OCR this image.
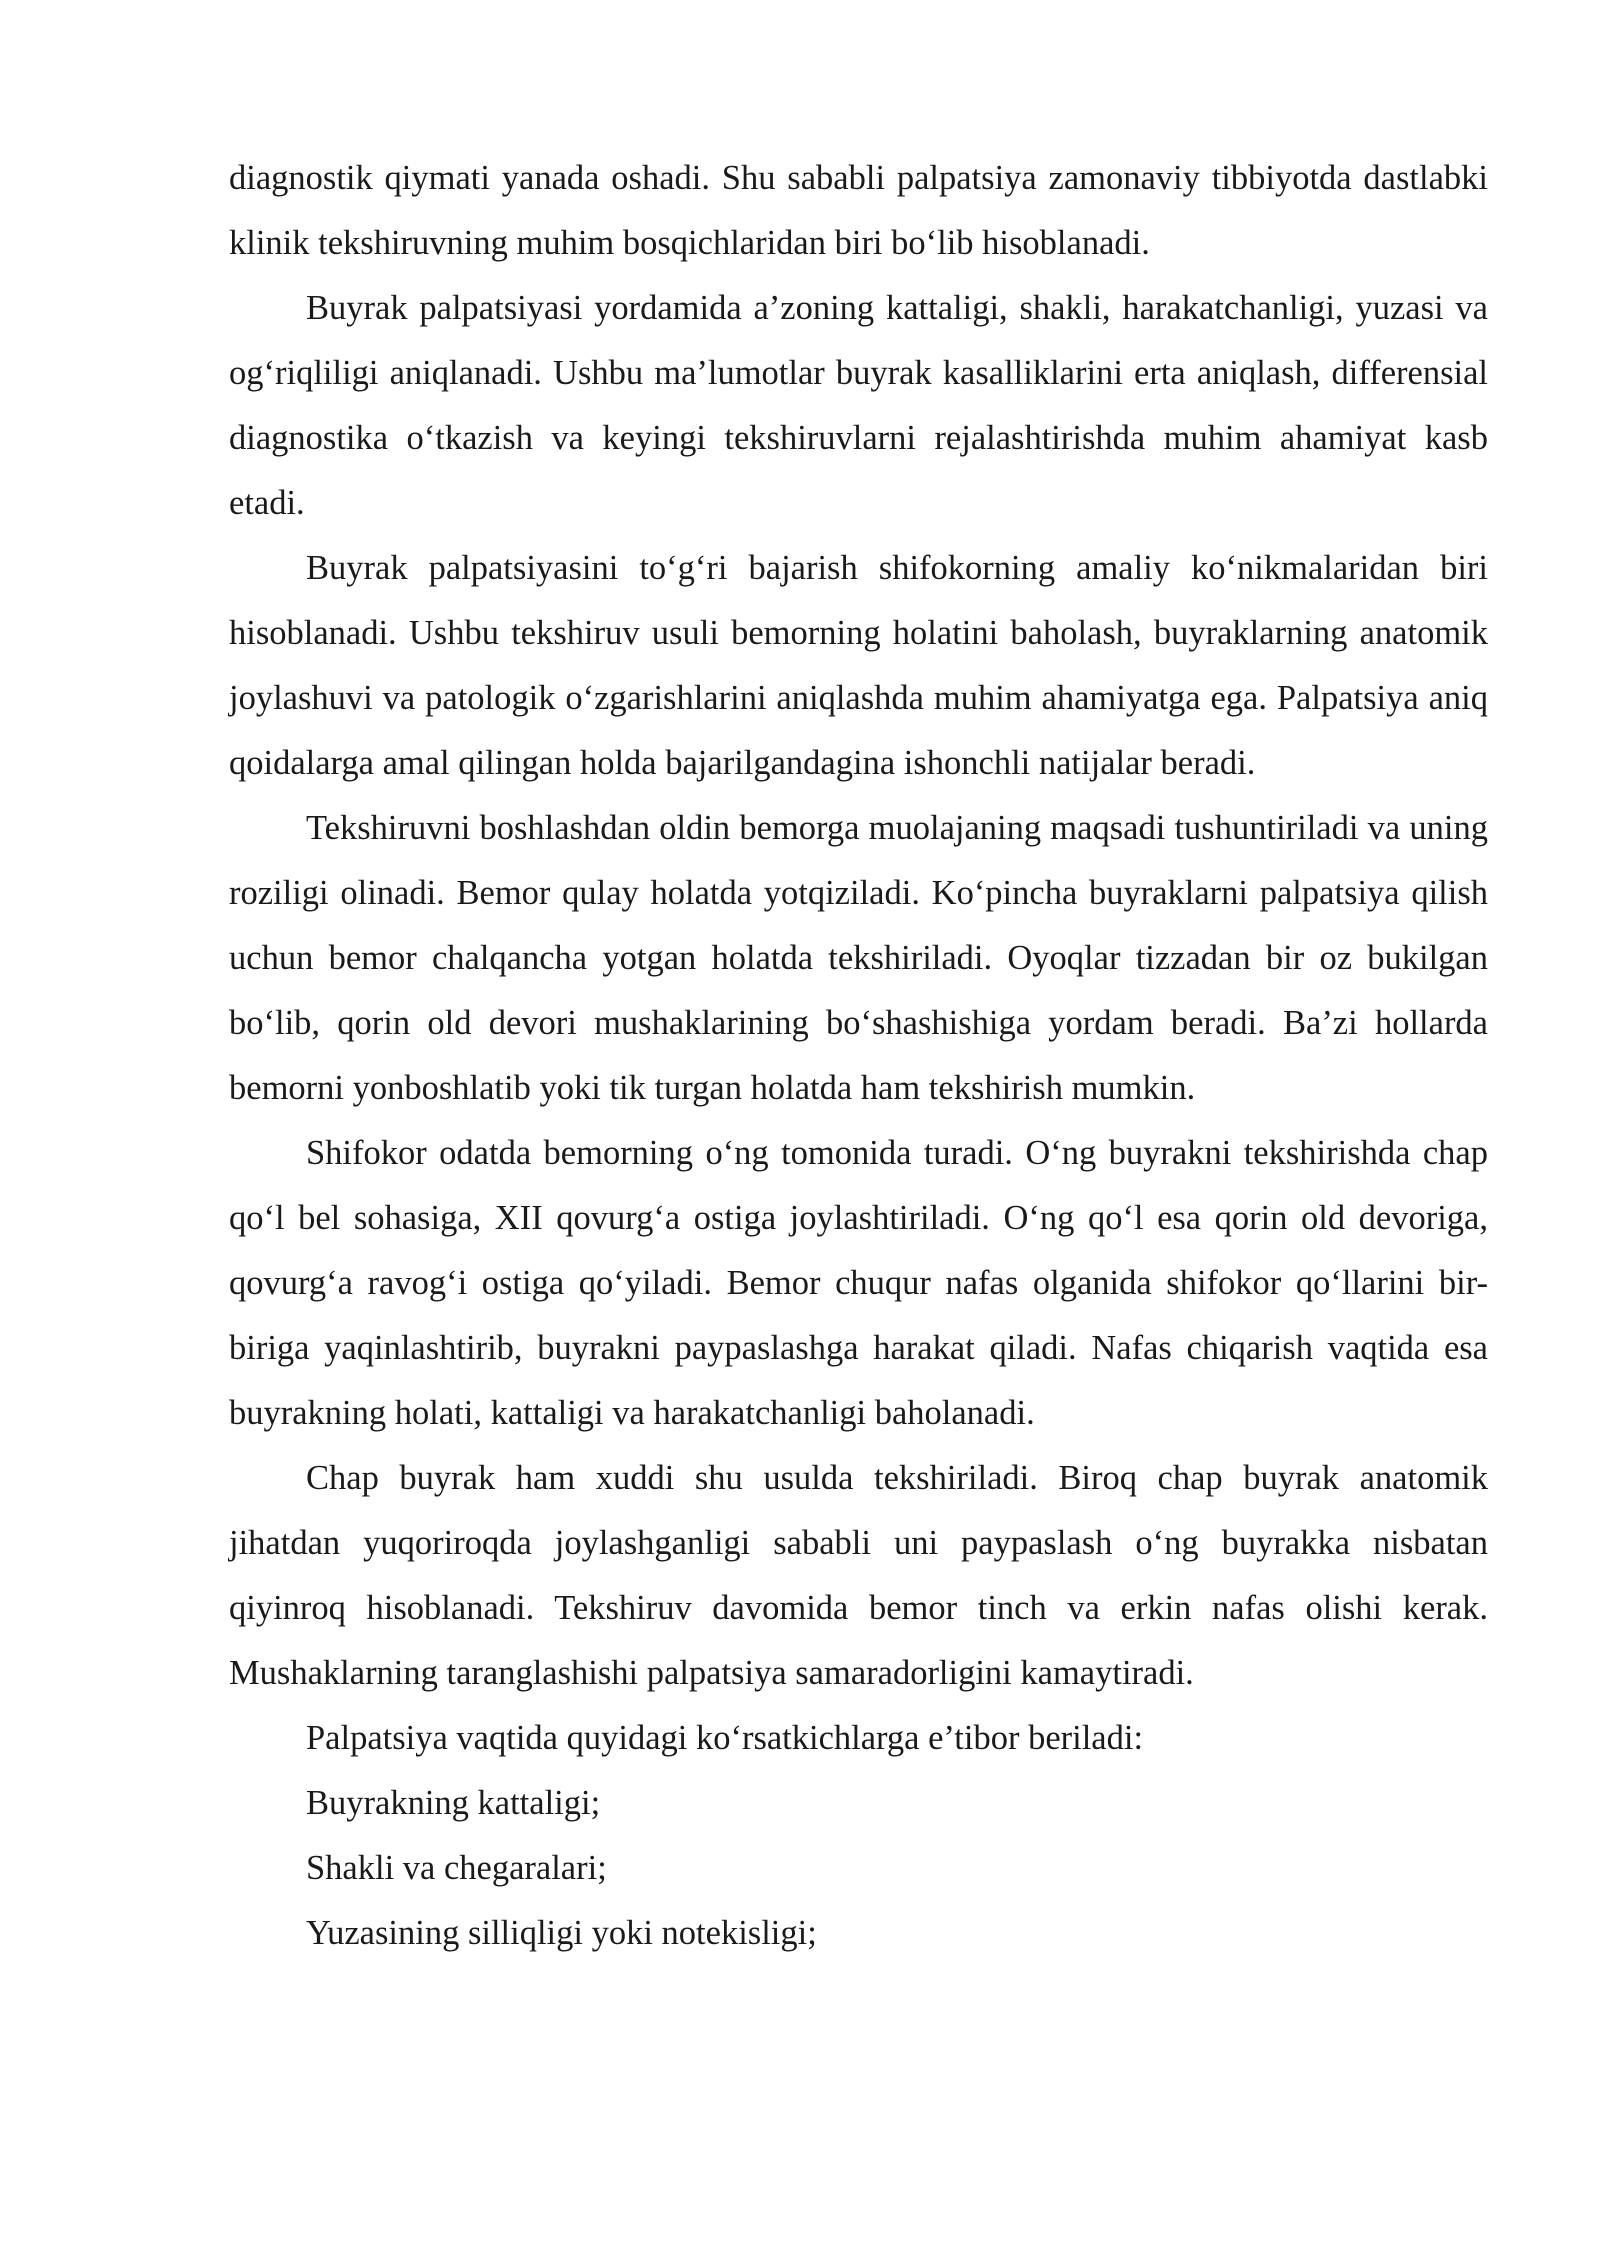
diagnostik qiymati yanada oshadi. Shu sababli palpatsiya zamonaviy tibbiyotda dastlabki klinik tekshiruvning muhim bosqichlaridan biri bo‘lib hisoblanadi.

Buyrak palpatsiyasi yordamida a’zoning kattaligi, shakli, harakatchanligi, yuzasi va og‘riqliligi aniqlanadi. Ushbu ma’lumotlar buyrak kasalliklarini erta aniqlash, differensial diagnostika o‘tkazish va keyingi tekshiruvlarni rejalashtirishda muhim ahamiyat kasb etadi.

Buyrak palpatsiyasini to‘g‘ri bajarish shifokorning amaliy ko‘nikmalaridan biri hisoblanadi. Ushbu tekshiruv usuli bemorning holatini baholash, buyraklarning anatomik joylashuvi va patologik o‘zgarishlarini aniqlashda muhim ahamiyatga ega. Palpatsiya aniq qoidalarga amal qilingan holda bajarilgandagina ishonchli natijalar beradi.

Tekshiruvni boshlashdan oldin bemorga muolajaning maqsadi tushuntiriladi va uning roziligi olinadi. Bemor qulay holatda yotqiziladi. Ko‘pincha buyraklarni palpatsiya qilish uchun bemor chalqancha yotgan holatda tekshiriladi. Oyoqlar tizzadan bir oz bukilgan bo‘lib, qorin old devori mushaklarining bo‘shashishiga yordam beradi. Ba’zi hollarda bemorni yonboshlatib yoki tik turgan holatda ham tekshirish mumkin.

Shifokor odatda bemorning o‘ng tomonida turadi. O‘ng buyrakni tekshirishda chap qo‘l bel sohasiga, XII qovurg‘a ostiga joylashtiriladi. O‘ng qo‘l esa qorin old devoriga, qovurg‘a ravog‘i ostiga qo‘yiladi. Bemor chuqur nafas olganida shifokor qo‘llarini bir-biriga yaqinlashtirib, buyrakni paypaslashga harakat qiladi. Nafas chiqarish vaqtida esa buyrakning holati, kattaligi va harakatchanligi baholanadi.

Chap buyrak ham xuddi shu usulda tekshiriladi. Biroq chap buyrak anatomik jihatdan yuqoriroqda joylashganligi sababli uni paypaslash o‘ng buyrakka nisbatan qiyinroq hisoblanadi. Tekshiruv davomida bemor tinch va erkin nafas olishi kerak. Mushaklarning taranglashishi palpatsiya samaradorligini kamaytiradi.

Palpatsiya vaqtida quyidagi ko‘rsatkichlarga e’tibor beriladi:

Buyrakning kattaligi;

Shakli va chegaralari;

Yuzasining silliqligi yoki notekisligi;
